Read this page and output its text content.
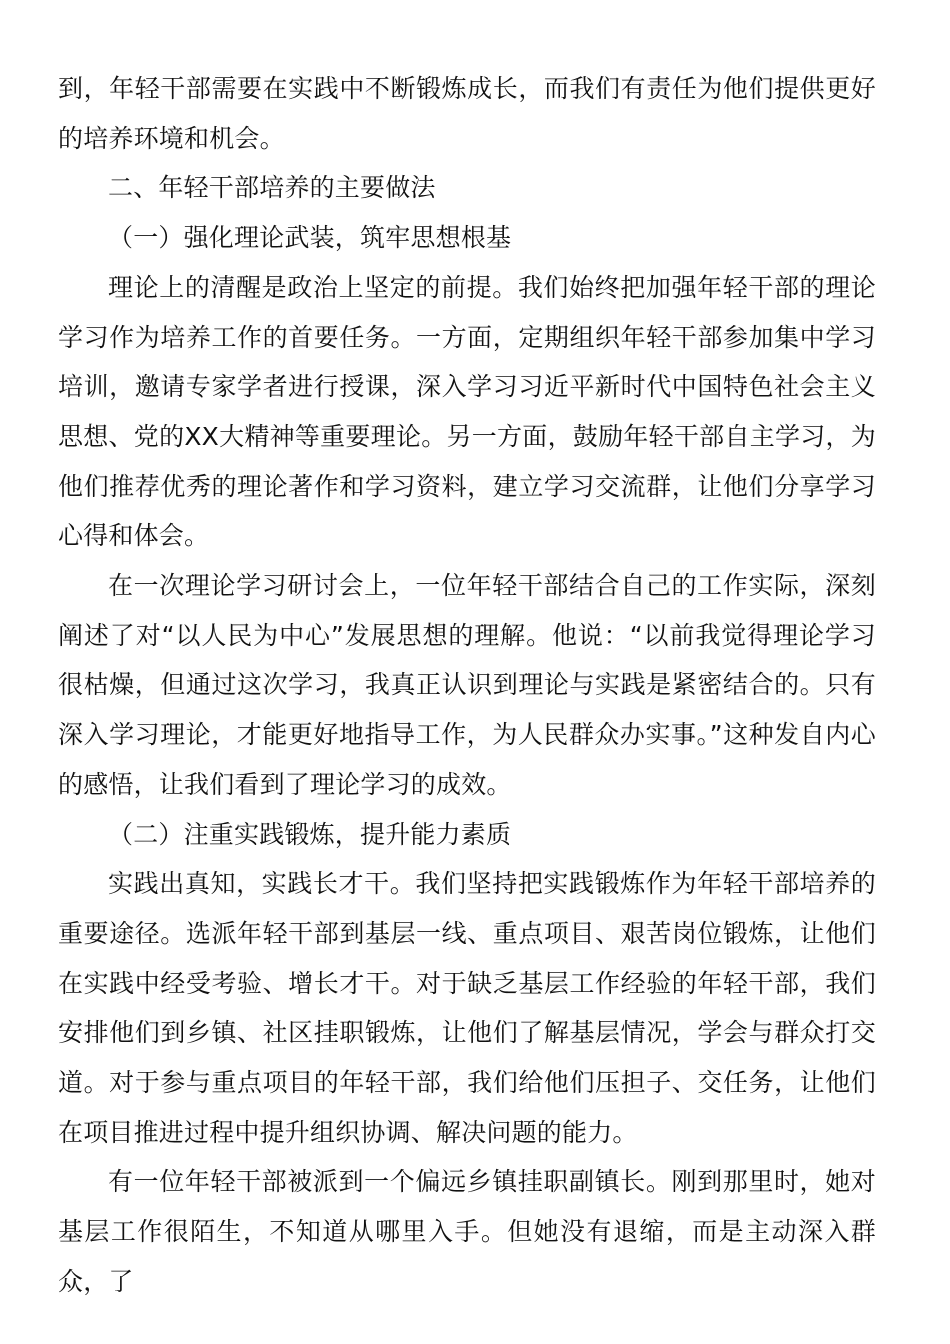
到，年轻干部需要在实践中不断锻炼成长，而我们有责任为他们提供更好的培养环境和机会。

二、年轻干部培养的主要做法

（一）强化理论武装，筑牢思想根基

理论上的清醒是政治上坚定的前提。我们始终把加强年轻干部的理论学习作为培养工作的首要任务。一方面，定期组织年轻干部参加集中学习培训，邀请专家学者进行授课，深入学习习近平新时代中国特色社会主义思想、党的XX大精神等重要理论。另一方面，鼓励年轻干部自主学习，为他们推荐优秀的理论著作和学习资料，建立学习交流群，让他们分享学习心得和体会。

在一次理论学习研讨会上，一位年轻干部结合自己的工作实际，深刻阐述了对“以人民为中心”发展思想的理解。他说：“以前我觉得理论学习很枯燥，但通过这次学习，我真正认识到理论与实践是紧密结合的。只有深入学习理论，才能更好地指导工作，为人民群众办实事。”这种发自内心的感悟，让我们看到了理论学习的成效。

（二）注重实践锻炼，提升能力素质

实践出真知，实践长才干。我们坚持把实践锻炼作为年轻干部培养的重要途径。选派年轻干部到基层一线、重点项目、艰苦岗位锻炼，让他们在实践中经受考验、增长才干。对于缺乏基层工作经验的年轻干部，我们安排他们到乡镇、社区挂职锻炼，让他们了解基层情况，学会与群众打交道。对于参与重点项目的年轻干部，我们给他们压担子、交任务，让他们在项目推进过程中提升组织协调、解决问题的能力。

有一位年轻干部被派到一个偏远乡镇挂职副镇长。刚到那里时，她对基层工作很陌生，不知道从哪里入手。但她没有退缩，而是主动深入群众，了
